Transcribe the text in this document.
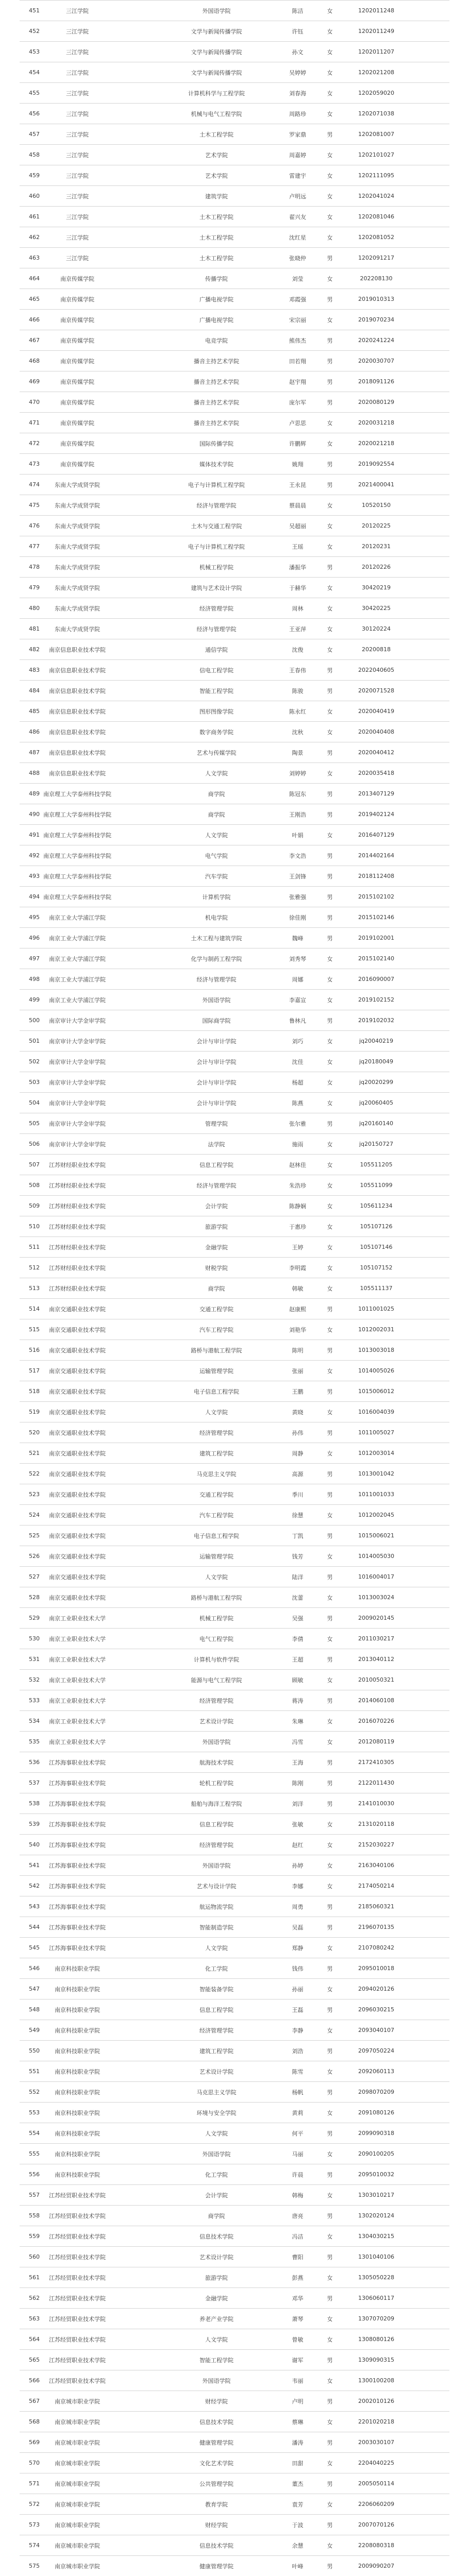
451	三江学院	外国语学院	陈洁	女	1202011248
452	三江学院	文学与新闻传播学院	许钰	女	1202011249
453	三江学院	文学与新闻传播学院	孙文	女	1202011207
454	三江学院	文学与新闻传播学院	吴婷婷	女	1202021208
455	三江学院	计算机科学与工程学院	刘春海	女	1202059020
456	三江学院	机械与电气工程学院	周路珍	女	1202071038
457	三江学院	土木工程学院	罗家鼎	男	1202081007
458	三江学院	艺术学院	周嘉婷	女	1202101027
459	三江学院	艺术学院	雷建宇	女	1202111095
460	三江学院	建筑学院	卢明远	女	1202041024
461	三江学院	土木工程学院	翟兴友	女	1202081046
462	三江学院	土木工程学院	沈红星	女	1202081052
463	三江学院	土木工程学院	张晓仲	男	1202091217
464	南京传媒学院	传播学院	刘莹	女	202208130
465	南京传媒学院	广播电视学院	邓霞强	男	2019010313
466	南京传媒学院	广播电视学院	宋宗丽	女	2019070234
467	南京传媒学院	电竞学院	熊伟杰	男	2020241224
468	南京传媒学院	播音主持艺术学院	田若翔	男	2020030707
469	南京传媒学院	播音主持艺术学院	赵宇翔	男	2018091126
470	南京传媒学院	播音主持艺术学院	庞尔军	男	2020080129
471	南京传媒学院	播音主持艺术学院	卢思思	女	2020031218
472	南京传媒学院	国际传播学院	许鹏辉	女	2020021218
473	南京传媒学院	媒体技术学院	姚翔	男	2019092554
474	东南大学成贤学院	电子与计算机工程学院	王永昆	男	2021400041
475	东南大学成贤学院	经济与管理学院	蔡晨晨	女	10520150
476	东南大学成贤学院	土木与交通工程学院	吴超丽	女	20120225
477	东南大学成贤学院	电子与计算机工程学院	王瑶	女	20120231
478	东南大学成贤学院	机械工程学院	潘振华	男	20120226
479	东南大学成贤学院	建筑与艺术设计学院	于赫华	女	30420219
480	东南大学成贤学院	经济管理学院	周林	女	30420225
481	东南大学成贤学院	经济与管理学院	王亚萍	女	30120224
482	南京信息职业技术学院	通信学院	沈俊	女	20200818
483	南京信息职业技术学院	信电工程学院	王春伟	男	2022040605
484	南京信息职业技术学院	智能工程学院	陈骏	男	2020071528
485	南京信息职业技术学院	图形图像学院	陈永红	女	2020040419
486	南京信息职业技术学院	数字商务学院	沈秋	女	2020040408
487	南京信息职业技术学院	艺术与传媒学院	陶景	男	2020040412
488	南京信息职业技术学院	人文学院	刘婷婷	女	2020035418
489 南京理工大学泰州科技学院	商学院	陈冠东	男	2013407129
490 南京理工大学泰州科技学院	商学院	王刚浩	男	2019402124
491 南京理工大学泰州科技学院	人文学院	叶娟	女	2016407129
492 南京理工大学泰州科技学院	电气学院	李文浩	男	2014402164
493 南京理工大学泰州科技学院	汽车学院	王剑锋	男	2018112408
494 南京理工大学泰州科技学院	计算机学院	张雅强	男	2015102102
495	南京工业大学浦江学院	机电学院	徐佳刚	男	2015102146
496	南京工业大学浦江学院	土木工程与建筑学院	魏峰	男	2019102001
497	南京工业大学浦江学院	化学与制药工程学院	刘秀琴	女	2015102140
498	南京工业大学浦江学院	经济与管理学院	周娜	女	2016090007
499	南京工业大学浦江学院	外国语学院	李嘉宣	女	2019102152
500	南京审计大学金审学院	国际商学院	鲁林凡	男	2019102032
501	南京审计大学金审学院	会计与审计学院	刘巧	女	jq20040219
502	南京审计大学金审学院	会计与审计学院	沈佳	女	jq20180049
503	南京审计大学金审学院	会计与审计学院	杨超	女	jq20020299
504	南京审计大学金审学院	会计与审计学院	陈燕	女	jq20060405
505	南京审计大学金审学院	管理学院	张尔雅	男	jq20160140
506	南京审计大学金审学院	法学院	施雨	女	jq20150727
507	江苏财经职业技术学院	信息工程学院	赵林佳	女	105511205
508	江苏财经职业技术学院	经济与管理学院	朱浩珍	女	105511099
509	江苏财经职业技术学院	会计学院	陈静娴	女	105611234
510	江苏财经职业技术学院	旅游学院	于惠珍	女	105107126
511	江苏财经职业技术学院	金融学院	王婷	女	105107146
512	江苏财经职业技术学院	财税学院	李明霞	女	105107152
513	江苏财经职业技术学院	商学院	韩敏	女	105511137
514	南京交通职业技术学院	交通工程学院	赵康熙	男	1011001025
515	南京交通职业技术学院	汽车工程学院	刘艳华	女	1012002031
516	南京交通职业技术学院	路桥与港航工程学院	陈明	男	1013003018
517	南京交通职业技术学院	运输管理学院	张丽	女	1014005026
518	南京交通职业技术学院	电子信息工程学院	王鹏	男	1015006012
519	南京交通职业技术学院	人文学院	黄晓	女	1016004039
520	南京交通职业技术学院	经济管理学院	孙伟	男	1011005027
521	南京交通职业技术学院	建筑工程学院	周静	女	1012003014
522	南京交通职业技术学院	马克思主义学院	高源	男	1013001042
523	南京交通职业技术学院	交通工程学院	季川	男	1011001033
524	南京交通职业技术学院	汽车工程学院	徐慧	女	1012002045
525	南京交通职业技术学院	电子信息工程学院	丁凯	男	1015006021
526	南京交通职业技术学院	运输管理学院	钱芳	女	1014005030
527	南京交通职业技术学院	人文学院	陆洋	男	1016004017
528	南京交通职业技术学院	路桥与港航工程学院	沈蕾	女	1013003024
529	南京工业职业技术大学	机械工程学院	吴强	男	2009020145
530	南京工业职业技术大学	电气工程学院	李倩	女	2011030217
531	南京工业职业技术大学	计算机与软件学院	王超	男	2013040112
532	南京工业职业技术大学	能源与电气工程学院	顾敏	女	2010050321
533	南京工业职业技术大学	经济管理学院	蒋涛	男	2014060108
534	南京工业职业技术大学	艺术设计学院	朱琳	女	2016070226
535	南京工业职业技术大学	外国语学院	冯雪	女	2012080119
536	江苏海事职业技术学院	航海技术学院	王海	男	2172410305
537	江苏海事职业技术学院	轮机工程学院	陈刚	男	2122011430
538	江苏海事职业技术学院	船舶与海洋工程学院	刘洋	男	2141010030
539	江苏海事职业技术学院	信息工程学院	张敏	女	2131020118
540	江苏海事职业技术学院	经济管理学院	赵红	女	2152030227
541	江苏海事职业技术学院	外国语学院	孙婷	女	2163040106
542	江苏海事职业技术学院	艺术与设计学院	李娜	女	2174050214
543	江苏海事职业技术学院	航运物流学院	周勇	男	2185060321
544	江苏海事职业技术学院	智能制造学院	吴磊	男	2196070135
545	江苏海事职业技术学院	人文学院	郑静	女	2107080242
546	南京科技职业学院	化工学院	钱伟	男	2095010018
547	南京科技职业学院	智能装备学院	孙丽	女	2094020126
548	南京科技职业学院	信息工程学院	王磊	男	2096030215
549	南京科技职业学院	经济管理学院	李静	女	2093040107
550	南京科技职业学院	建筑工程学院	刘浩	男	2097050224
551	南京科技职业学院	艺术设计学院	陈雪	女	2092060113
552	南京科技职业学院	马克思主义学院	杨帆	男	2098070209
553	南京科技职业学院	环境与安全学院	黄莉	女	2091080126
554	南京科技职业学院	人文学院	何平	男	2099090318
555	南京科技职业学院	外国语学院	马丽	女	2090100205
556	南京科技职业学院	化工学院	许晨	男	2095010032
557	江苏经贸职业技术学院	会计学院	韩梅	女	1303010217
558	江苏经贸职业技术学院	商学院	唐亮	男	1302020124
559	江苏经贸职业技术学院	信息技术学院	冯洁	女	1304030215
560	江苏经贸职业技术学院	艺术设计学院	曹阳	男	1301040106
561	江苏经贸职业技术学院	旅游学院	彭燕	女	1305050228
562	江苏经贸职业技术学院	金融学院	邓华	男	1306060117
563	江苏经贸职业技术学院	养老产业学院	萧琴	女	1307070209
564	江苏经贸职业技术学院	人文学院	曾敏	女	1308080126
565	江苏经贸职业技术学院	智能工程学院	谢军	男	1309090315
566	江苏经贸职业技术学院	外国语学院	韦丽	女	1300100208
567	南京城市职业学院	财经学院	卢明	男	2002010126
568	南京城市职业学院	信息技术学院	蔡琳	女	2201020218
569	南京城市职业学院	健康管理学院	潘涛	男	2003030107
570	南京城市职业学院	文化艺术学院	田甜	女	2204040225
571	南京城市职业学院	公共管理学院	董杰	男	2005050114
572	南京城市职业学院	教育学院	袁芳	女	2206060209
573	南京城市职业学院	财经学院	于波	男	2007070126
574	南京城市职业学院	信息技术学院	余慧	女	2208080318
575	南京城市职业学院	健康管理学院	叶峰	男	2009090207
